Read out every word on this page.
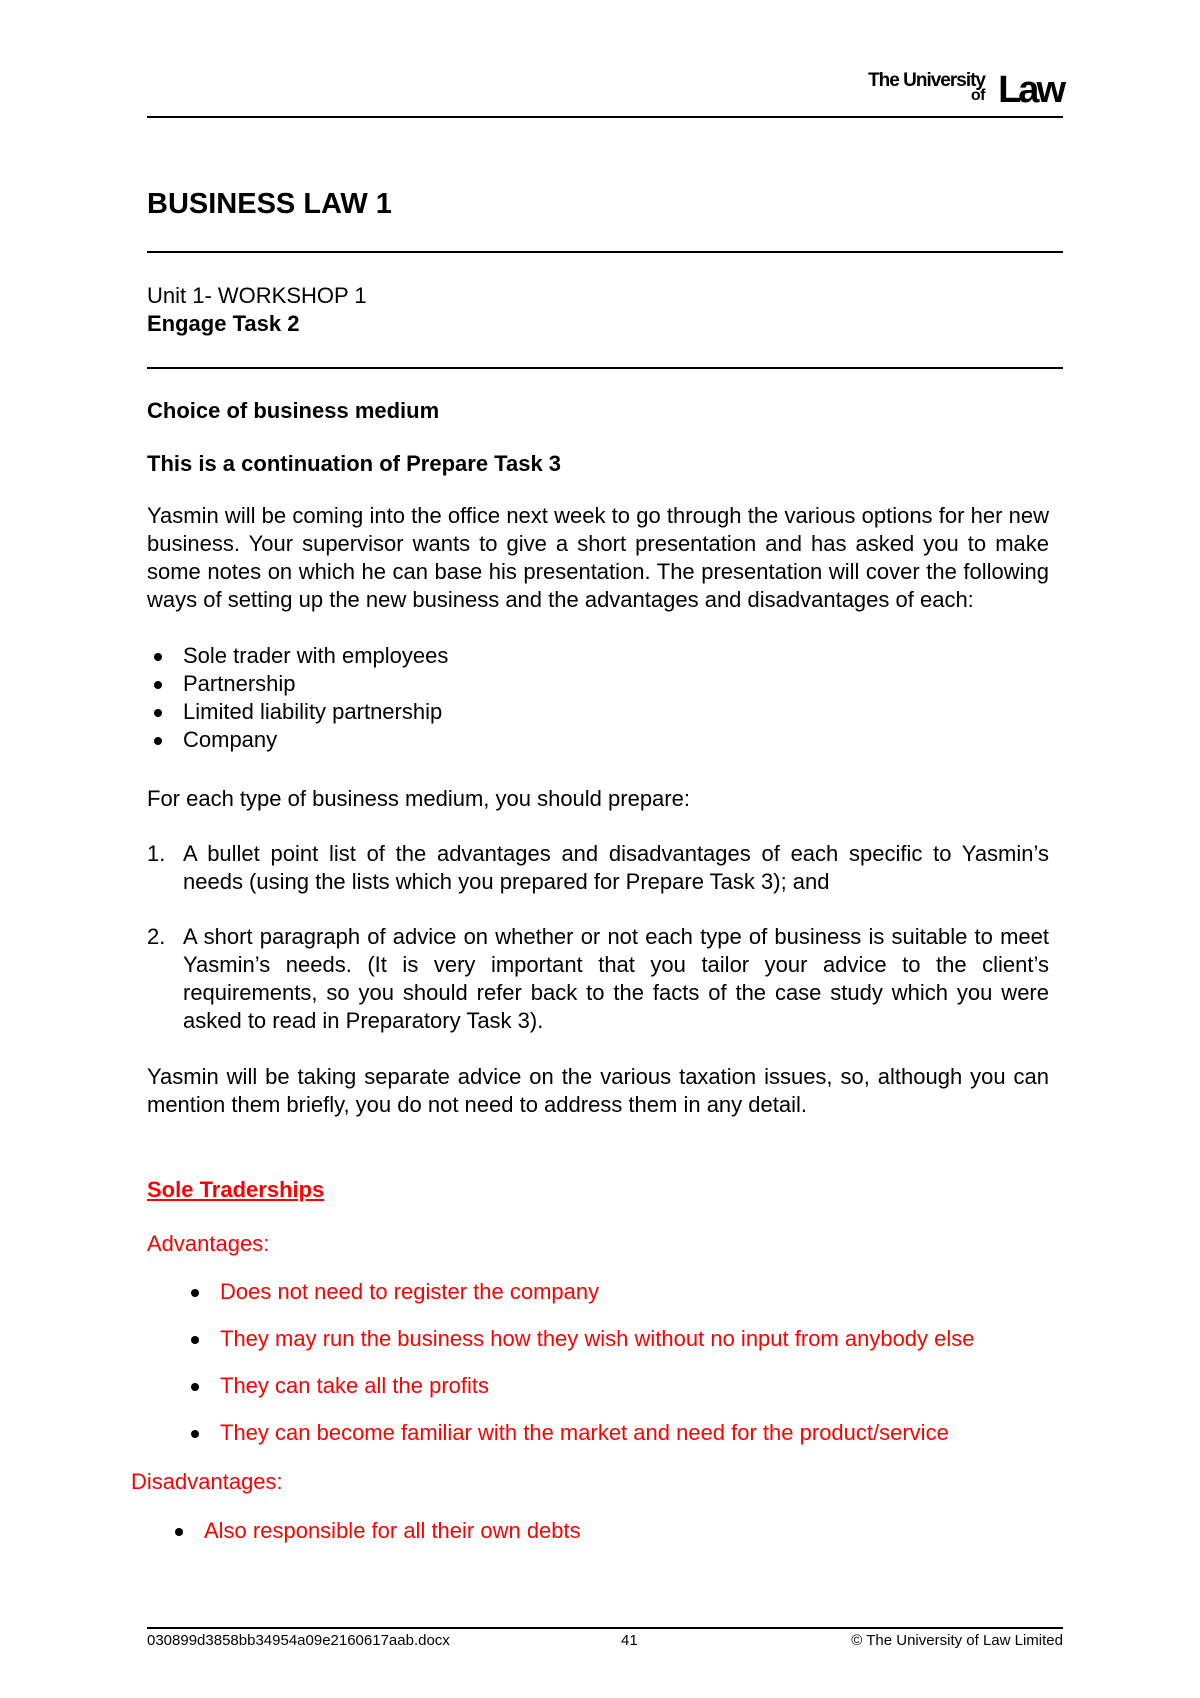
The University
of Law
BUSINESS LAW 1
Unit 1- WORKSHOP 1
Engage Task 2
Choice of business medium
This is a continuation of Prepare Task 3

Yasmin will be coming into the office next week to go through the various options for her new business. Your supervisor wants to give a short presentation and has asked you to make some notes on which he can base his presentation. The presentation will cover the following ways of setting up the new business and the advantages and disadvantages of each:

Sole trader with employees
Partnership
Limited liability partnership
Company

For each type of business medium, you should prepare:

1. A bullet point list of the advantages and disadvantages of each specific to Yasmin’s needs (using the lists which you prepared for Prepare Task 3); and
2. A short paragraph of advice on whether or not each type of business is suitable to meet Yasmin’s needs. (It is very important that you tailor your advice to the client’s requirements, so you should refer back to the facts of the case study which you were asked to read in Preparatory Task 3).

Yasmin will be taking separate advice on the various taxation issues, so, although you can mention them briefly, you do not need to address them in any detail.

Sole Traderships
Advantages:
Does not need to register the company
They may run the business how they wish without no input from anybody else
They can take all the profits
They can become familiar with the market and need for the product/service
Disadvantages:
Also responsible for all their own debts
030899d3858bb34954a09e2160617aab.docx	41	© The University of Law Limited
